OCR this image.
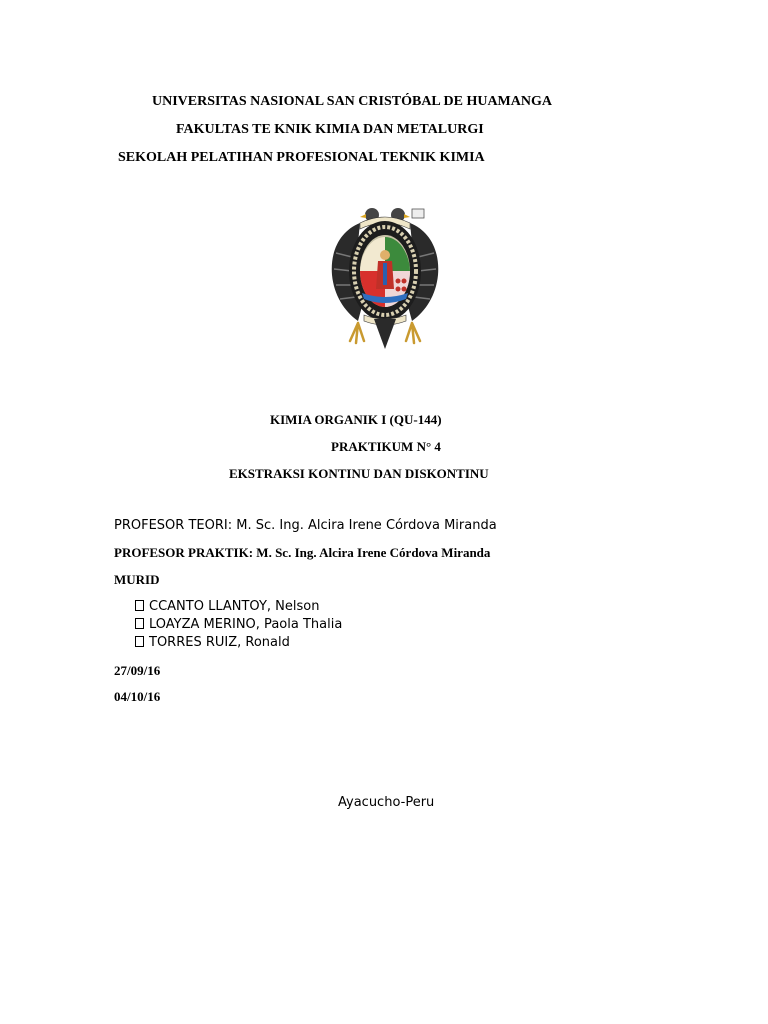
UNIVERSITAS NASIONAL SAN CRISTÓBAL DE HUAMANGA
FAKULTAS TE KNIK KIMIA DAN METALURGI
SEKOLAH PELATIHAN PROFESIONAL TEKNIK KIMIA
KIMIA ORGANIK I (QU-144)
PRAKTIKUM N° 4
EKSTRAKSI KONTINU DAN DISKONTINU
PROFESOR TEORI: M. Sc. Ing. Alcira Irene Córdova Miranda
PROFESOR PRAKTIK: M. Sc. Ing. Alcira Irene Córdova Miranda
MURID
CCANTO LLANTOY, Nelson
LOAYZA MERINO, Paola Thalia
TORRES RUIZ, Ronald
27/09/16
04/10/16
Ayacucho-Peru
